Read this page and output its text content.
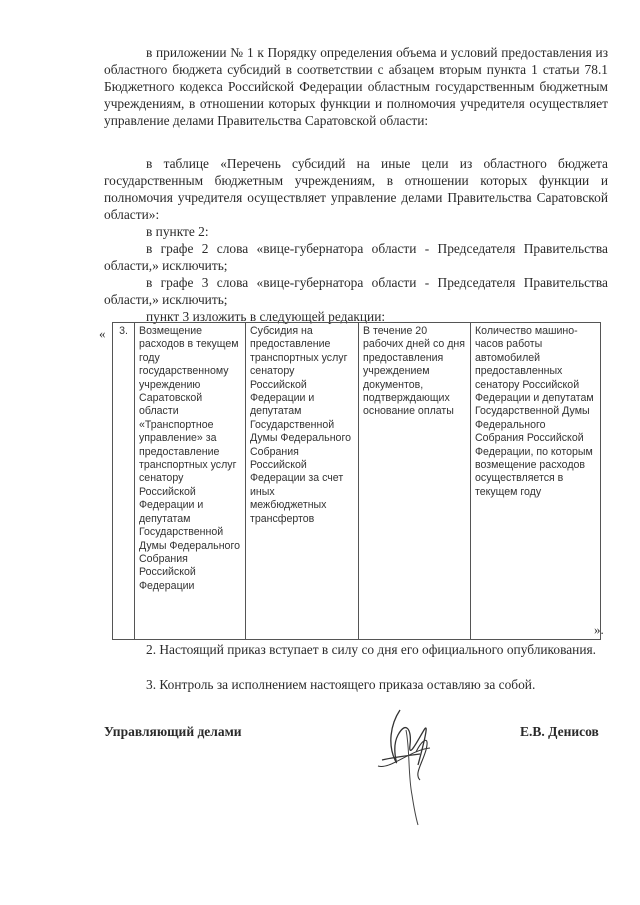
в приложении № 1 к Порядку определения объема и условий предоставления из областного бюджета субсидий в соответствии с абзацем вторым пункта 1 статьи 78.1 Бюджетного кодекса Российской Федерации областным государственным бюджетным учреждениям, в отношении которых функции и полномочия учредителя осуществляет управление делами Правительства Саратовской области:
в таблице «Перечень субсидий на иные цели из областного бюджета государственным бюджетным учреждениям, в отношении которых функции и полномочия учредителя осуществляет управление делами Правительства Саратовской области»:
в пункте 2:
в графе 2 слова «вице-губернатора области - Председателя Правительства области,» исключить;
в графе 3 слова «вице-губернатора области - Председателя Правительства области,» исключить;
пункт 3 изложить в следующей редакции:
« 3.	Возмещение расходов в текущем году государственному учреждению Саратовской области «Транспортное управление» за предоставление транспортных услуг сенатору Российской Федерации и депутатам Государственной Думы Федерального Собрания Российской Федерации	Субсидия на предоставление транспортных услуг сенатору Российской Федерации и депутатам Государственной Думы Федерального Собрания Российской Федерации за счет иных межбюджетных трансфертов	В течение 20 рабочих дней со дня предоставления учреждением документов, подтверждающих основание оплаты	Количество машино-часов работы автомобилей предоставленных сенатору Российской Федерации и депутатам Государственной Думы Федерального Собрания Российской Федерации, по которым возмещение расходов осуществляется в текущем году
».
2. Настоящий приказ вступает в силу со дня его официального опубликования.
3. Контроль за исполнением настоящего приказа оставляю за собой.
Управляющий делами	Е.В. Денисов
